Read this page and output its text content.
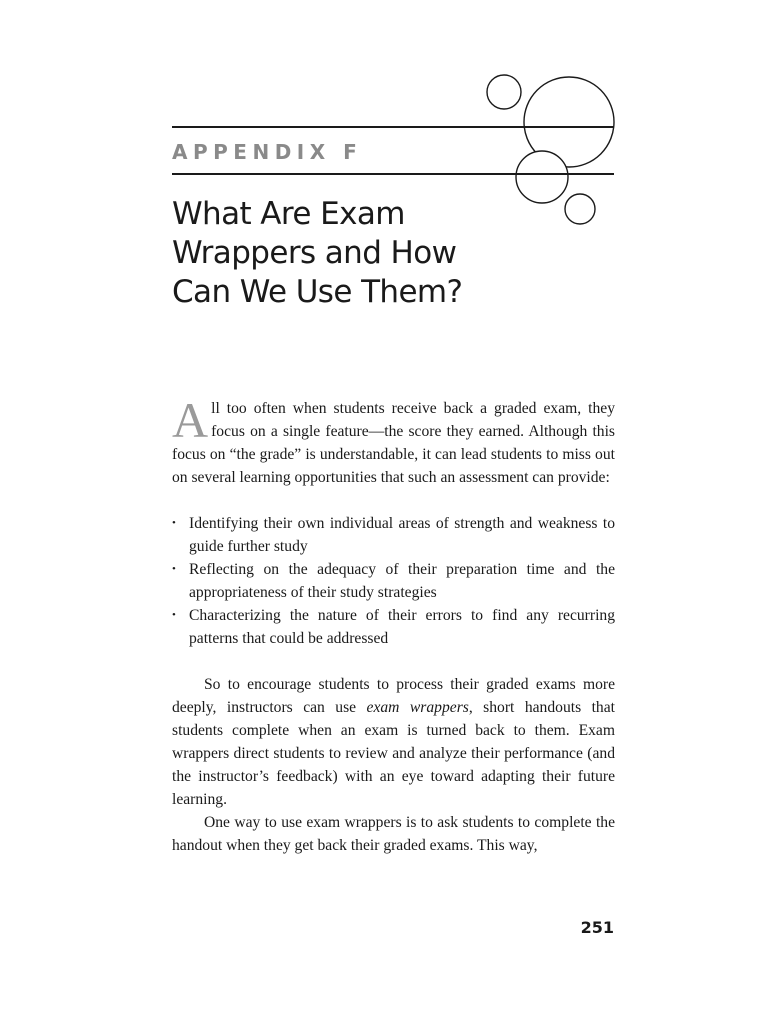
APPENDIX F

What Are Exam
Wrappers and How
Can We Use Them?

All too often when students receive back a graded exam, they focus on a single feature—the score they earned. Although this focus on “the grade” is understandable, it can lead students to miss out on several learning opportunities that such an assessment can provide:

• Identifying their own individual areas of strength and weakness to guide further study
• Reflecting on the adequacy of their preparation time and the appropriateness of their study strategies
• Characterizing the nature of their errors to find any recurring patterns that could be addressed

So to encourage students to process their graded exams more deeply, instructors can use exam wrappers, short handouts that students complete when an exam is turned back to them. Exam wrappers direct students to review and analyze their performance (and the instructor’s feedback) with an eye toward adapting their future learning.

One way to use exam wrappers is to ask students to complete the handout when they get back their graded exams. This way,

251
